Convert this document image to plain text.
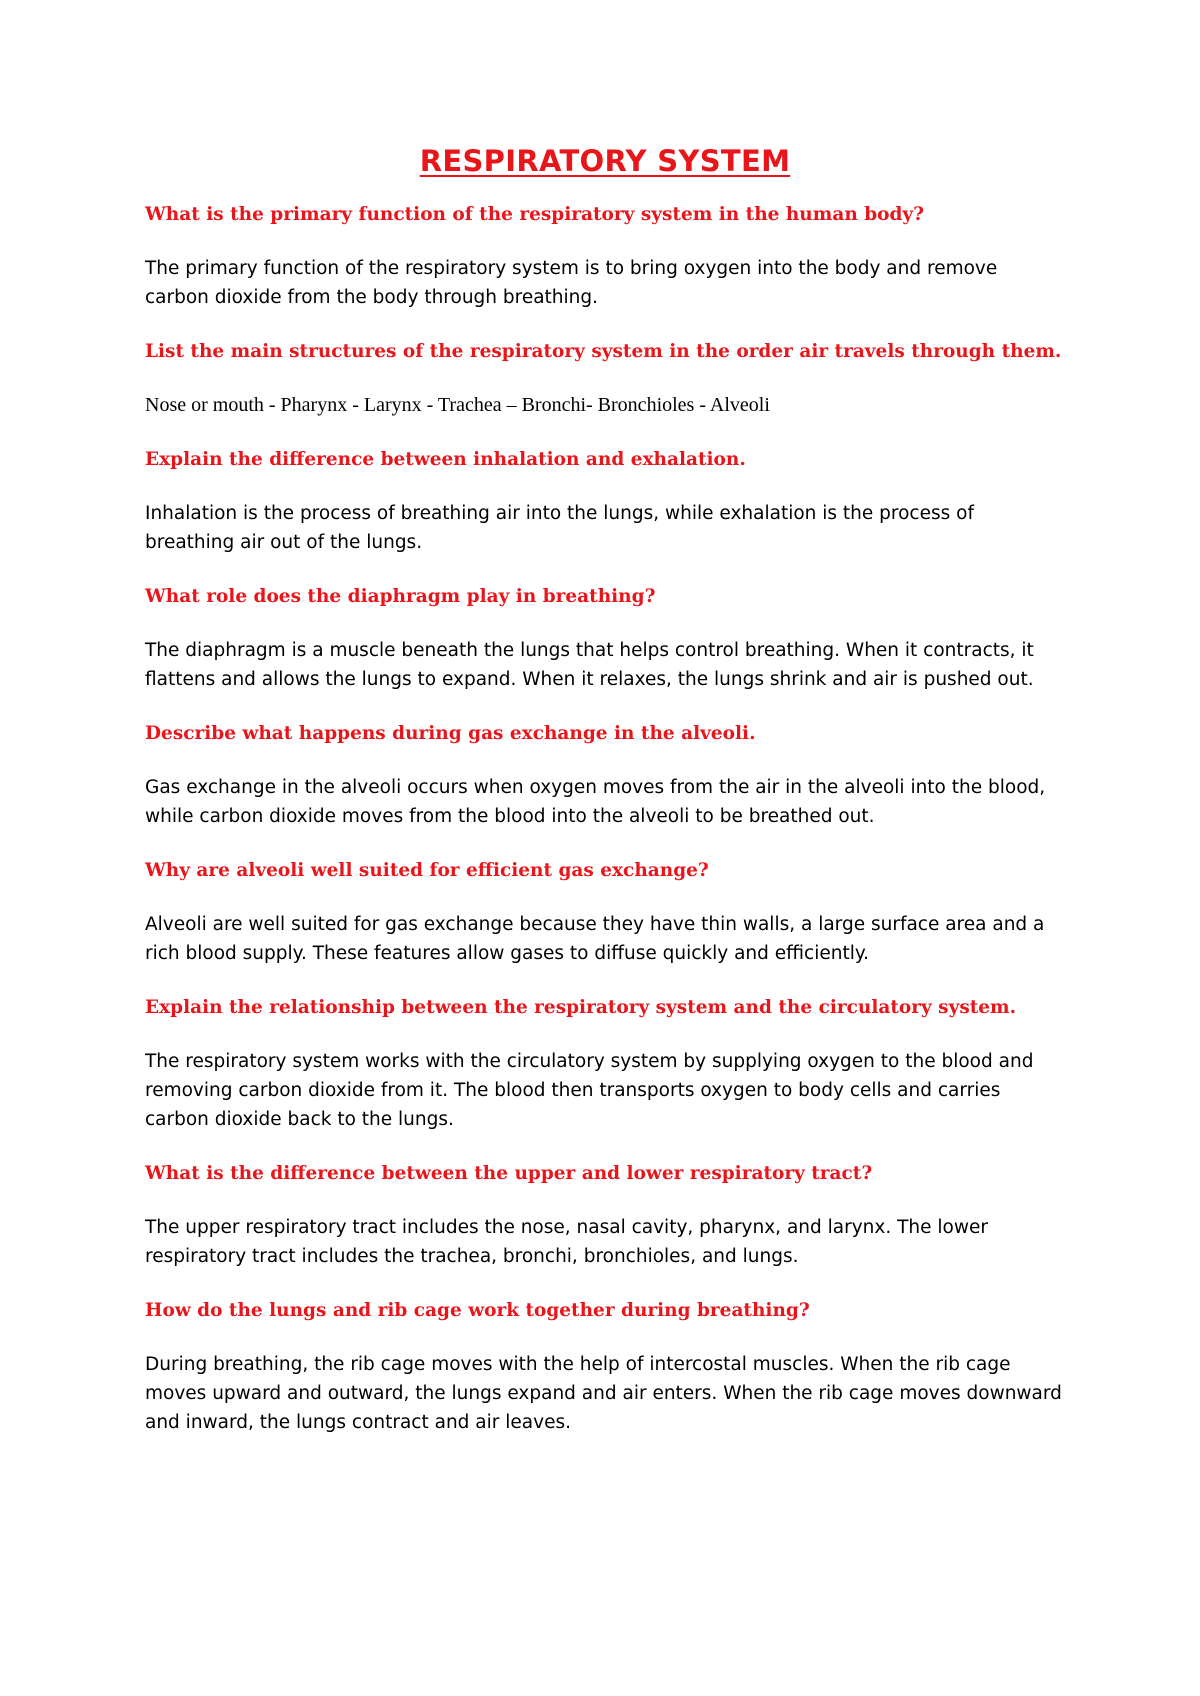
RESPIRATORY SYSTEM

What is the primary function of the respiratory system in the human body?

The primary function of the respiratory system is to bring oxygen into the body and remove carbon dioxide from the body through breathing.

List the main structures of the respiratory system in the order air travels through them.

Nose or mouth - Pharynx - Larynx - Trachea – Bronchi- Bronchioles - Alveoli

Explain the difference between inhalation and exhalation.

Inhalation is the process of breathing air into the lungs, while exhalation is the process of breathing air out of the lungs.

What role does the diaphragm play in breathing?

The diaphragm is a muscle beneath the lungs that helps control breathing. When it contracts, it flattens and allows the lungs to expand. When it relaxes, the lungs shrink and air is pushed out.

Describe what happens during gas exchange in the alveoli.

Gas exchange in the alveoli occurs when oxygen moves from the air in the alveoli into the blood, while carbon dioxide moves from the blood into the alveoli to be breathed out.

Why are alveoli well suited for efficient gas exchange?

Alveoli are well suited for gas exchange because they have thin walls, a large surface area and a rich blood supply. These features allow gases to diffuse quickly and efficiently.

Explain the relationship between the respiratory system and the circulatory system.

The respiratory system works with the circulatory system by supplying oxygen to the blood and removing carbon dioxide from it. The blood then transports oxygen to body cells and carries carbon dioxide back to the lungs.

What is the difference between the upper and lower respiratory tract?

The upper respiratory tract includes the nose, nasal cavity, pharynx, and larynx. The lower respiratory tract includes the trachea, bronchi, bronchioles, and lungs.

How do the lungs and rib cage work together during breathing?

During breathing, the rib cage moves with the help of intercostal muscles. When the rib cage moves upward and outward, the lungs expand and air enters. When the rib cage moves downward and inward, the lungs contract and air leaves.
